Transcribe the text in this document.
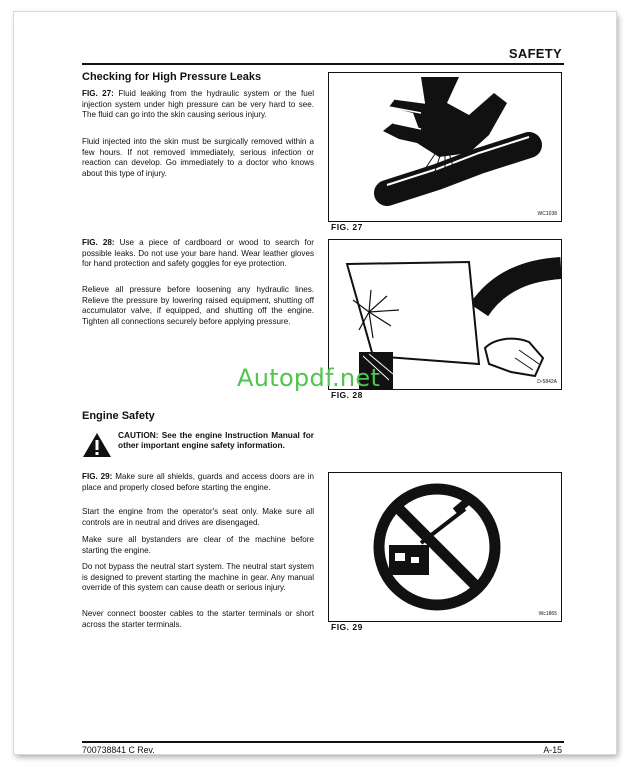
SAFETY
Checking for High Pressure Leaks

FIG. 27: Fluid leaking from the hydraulic system or the fuel injection system under high pressure can be very hard to see. The fluid can go into the skin causing serious injury.

Fluid injected into the skin must be surgically removed within a few hours. If not removed immediately, serious infection or reaction can develop. Go immediately to a doctor who knows about this type of injury.

FIG. 28: Use a piece of cardboard or wood to search for possible leaks. Do not use your bare hand. Wear leather gloves for hand protection and safety goggles for eye protection.

Relieve all pressure before loosening any hydraulic lines. Relieve the pressure by lowering raised equipment, shutting off accumulator valve, if equipped, and shutting off the engine. Tighten all connections securely before applying pressure.

Engine Safety

CAUTION: See the engine Instruction Manual for other important engine safety information.

FIG. 29: Make sure all shields, guards and access doors are in place and properly closed before starting the engine.

Start the engine from the operator's seat only. Make sure all controls are in neutral and drives are disengaged.

Make sure all bystanders are clear of the machine before starting the engine.

Do not bypass the neutral start system. The neutral start system is designed to prevent starting the machine in gear. Any manual override of this system can cause death or serious injury.

Never connect booster cables to the starter terminals or short across the starter terminals.

WC1038
FIG. 27
D-5842A
FIG. 28
Wc1865
FIG. 29
Autopdf.net
700738841 C Rev.	A-15
